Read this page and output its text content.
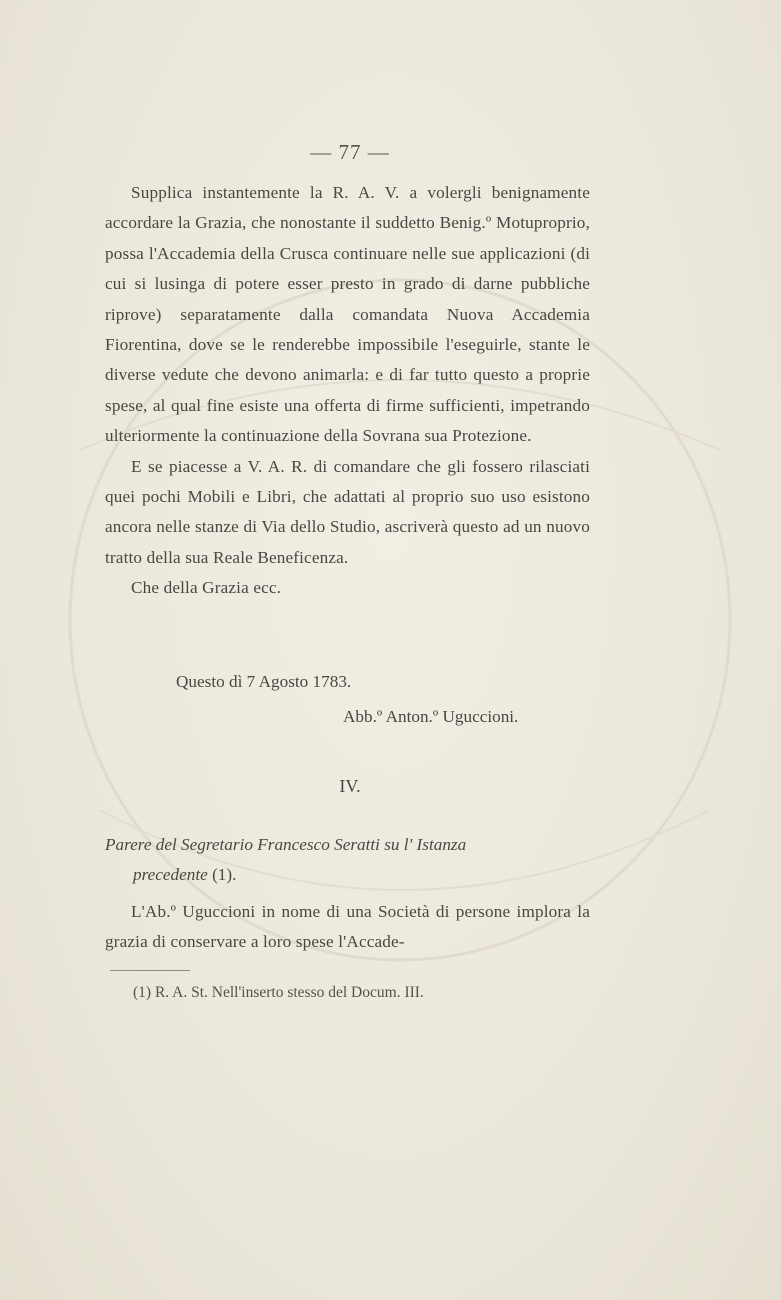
— 77 —

Supplica instantemente la R. A. V. a volergli benignamente accordare la Grazia, che nonostante il suddetto Benig.º Motuproprio, possa l'Accademia della Crusca continuare nelle sue applicazioni (di cui si lusinga di potere esser presto in grado di darne pubbliche riprove) separatamente dalla comandata Nuova Accademia Fiorentina, dove se le renderebbe impossibile l'eseguirle, stante le diverse vedute che devono animarla: e di far tutto questo a proprie spese, al qual fine esiste una offerta di firme sufficienti, impetrando ulteriormente la continuazione della Sovrana sua Protezione.

E se piacesse a V. A. R. di comandare che gli fossero rilasciati quei pochi Mobili e Libri, che adattati al proprio suo uso esistono ancora nelle stanze di Via dello Studio, ascriverà questo ad un nuovo tratto della sua Reale Beneficenza.

Che della Grazia ecc.

Questo dì 7 Agosto 1783.
Abb.º Anton.º Uguccioni.
IV.
Parere del Segretario Francesco Seratti su l' Istanza
precedente (1).

L'Ab.º Uguccioni in nome di una Società di persone implora la grazia di conservare a loro spese l'Accade-

(1) R. A. St. Nell'inserto stesso del Docum. III.
